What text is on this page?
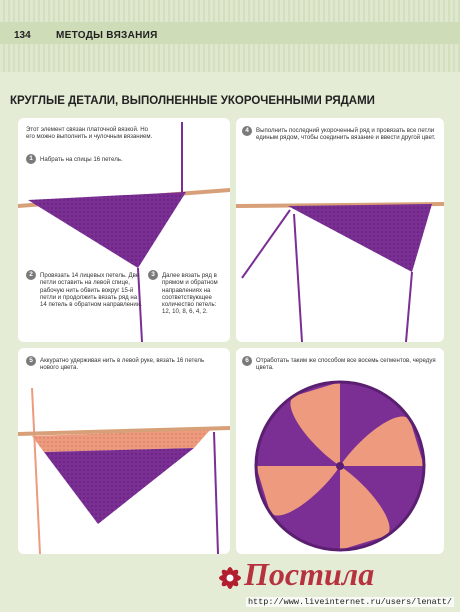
134	МЕТОДЫ ВЯЗАНИЯ
КРУГЛЫЕ ДЕТАЛИ, ВЫПОЛНЕННЫЕ УКОРОЧЕННЫМИ РЯДАМИ
Этот элемент связан платочной вязкой. Но его можно выполнить и чулочным вязанием.
1	Набрать на спицы 16 петель.
2	Провязать 14 лицевых петель. Две петли оставить на левой спице, рабочую нить обвить вокруг 15-й петли и продолжить вязать ряд на 14 петель в обратном направлении.
3	Далее вязать ряд в прямом и обратном направлениях на соответствующее количество петель: 12, 10, 8, 6, 4, 2.
4	Выполнить последний укороченный ряд и провязать все петли единым рядом, чтобы соединить вязание и ввести другой цвет.
5	Аккуратно удерживая нить в левой руке, вязать 16 петель нового цвета.
6	Отработать таким же способом все восемь сегментов, чередуя цвета.
Постила
http://www.liveinternet.ru/users/lenatt/
